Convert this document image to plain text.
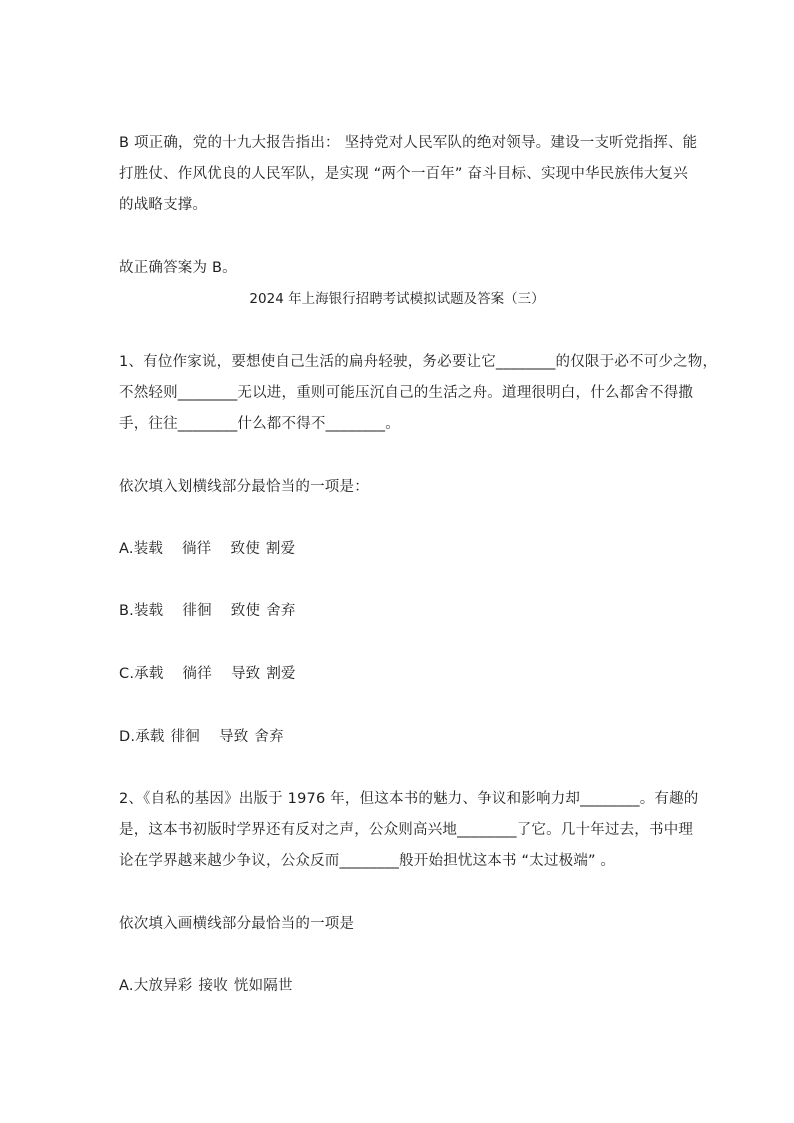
B 项正确，党的十九大报告指出： 坚持党对人民军队的绝对领导。建设一支听党指挥、能
打胜仗、作风优良的人民军队，是实现 “两个一百年” 奋斗目标、实现中华民族伟大复兴
的战略支撑。
故正确答案为 B。
2024 年上海银行招聘考试模拟试题及答案（三）
1、有位作家说，要想使自己生活的扁舟轻驶，务必要让它________的仅限于必不可少之物，
不然轻则________无以进，重则可能压沉自己的生活之舟。道理很明白，什么都舍不得撒
手，往往________什么都不得不________。
依次填入划横线部分最恰当的一项是：
A.装载 徜徉 致使 割爱
B.装载 徘徊 致使 舍弃
C.承载 徜徉 导致 割爱
D.承载 徘徊 导致 舍弃
2、《自私的基因》出版于 1976 年，但这本书的魅力、争议和影响力却________。有趣的
是，这本书初版时学界还有反对之声，公众则高兴地________了它。几十年过去，书中理
论在学界越来越少争议，公众反而________般开始担忧这本书 “太过极端” 。
依次填入画横线部分最恰当的一项是
A.大放异彩 接收 恍如隔世
